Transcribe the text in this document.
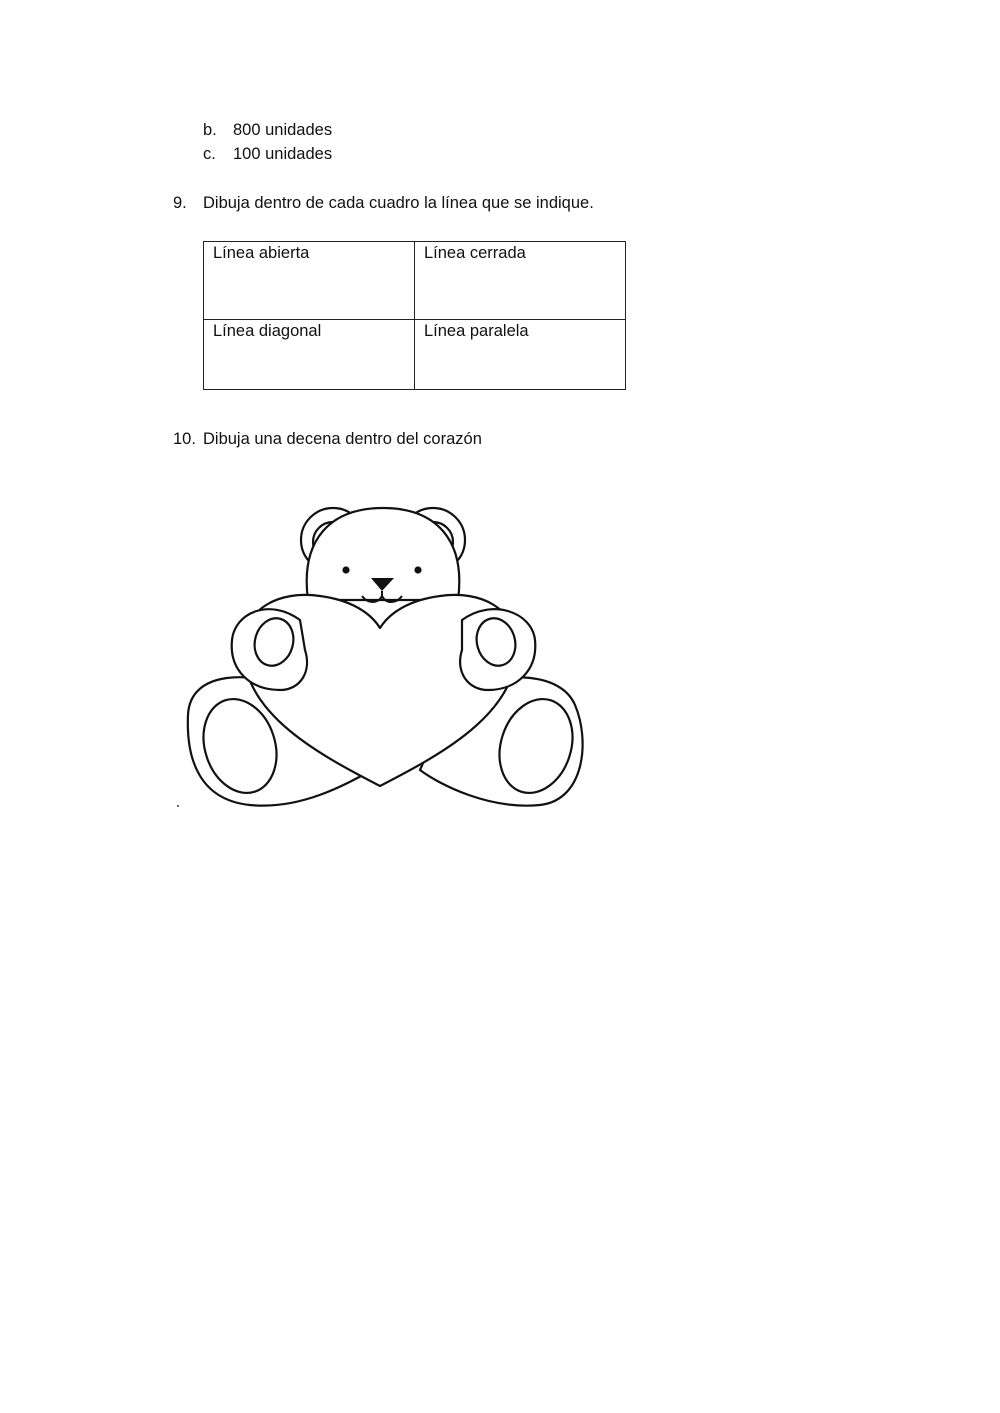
b. 800 unidades
c. 100 unidades
9. Dibuja dentro de cada cuadro la línea que se indique.
Línea abierta	Línea cerrada
Línea diagonal	Línea paralela
10. Dibuja una decena dentro del corazón
